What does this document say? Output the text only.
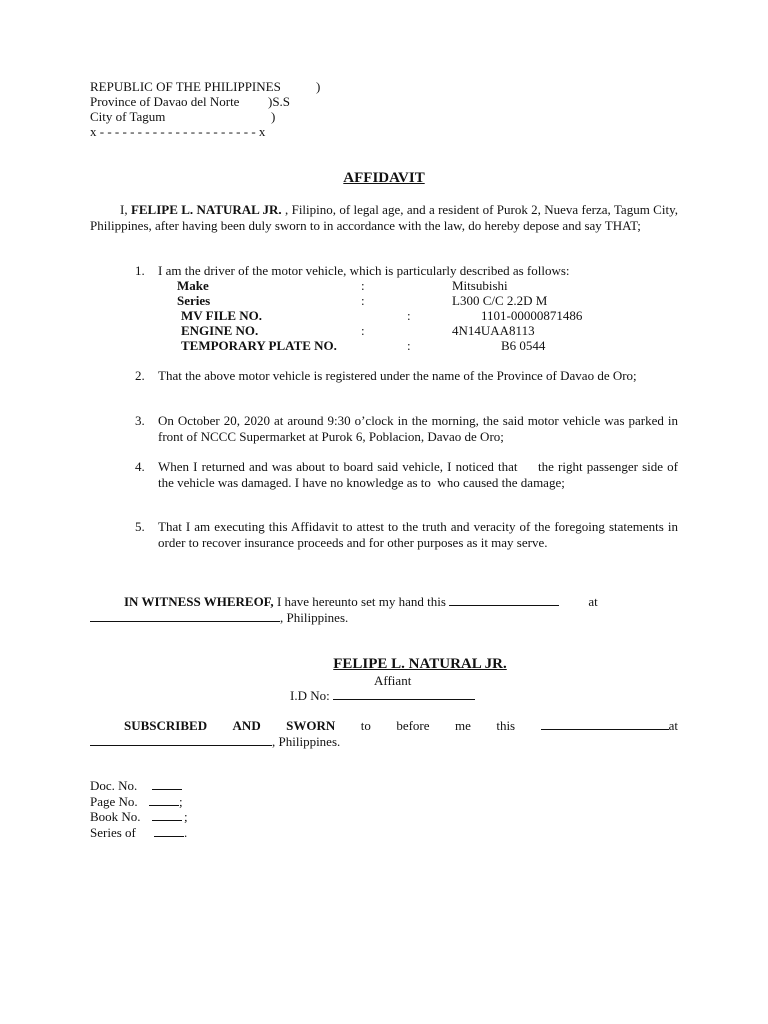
REPUBLIC OF THE PHILIPPINES	)
Province of Davao del Norte )S.S
City of Tagum	)
x - - - - - - - - - - - - - - - - - - - - - x
AFFIDAVIT
I, FELIPE L. NATURAL JR. , Filipino, of legal age, and a resident of Purok 2, Nueva ferza, Tagum City, Philippines, after having been duly sworn to in accordance with the law, do hereby depose and say THAT;
1. I am the driver of the motor vehicle, which is particularly described as follows:
Make	:	Mitsubishi
Series	:	L300 C/C 2.2D M
MV FILE NO.	:	1101-00000871486
ENGINE NO.	:	4N14UAA8113
TEMPORARY PLATE NO.	:	B6 0544
2. That the above motor vehicle is registered under the name of the Province of Davao de Oro;
3. On October 20, 2020 at around 9:30 o’clock in the morning, the said motor vehicle was parked in front of NCCC Supermarket at Purok 6, Poblacion, Davao de Oro;
4. When I returned and was about to board said vehicle, I noticed that     the right passenger side of the vehicle was damaged. I have no knowledge as to  who caused the damage;
5. That I am executing this Affidavit to attest to the truth and veracity of the foregoing statements in order to recover insurance proceeds and for other purposes as it may serve.
IN WITNESS WHEREOF, I have hereunto set my hand this	at
, Philippines.
FELIPE L. NATURAL JR.
Affiant
I.D No:
SUBSCRIBED AND SWORN to before me this	at
, Philippines.
Doc. No.
Page No.	;
Book No.	;
Series of	.
